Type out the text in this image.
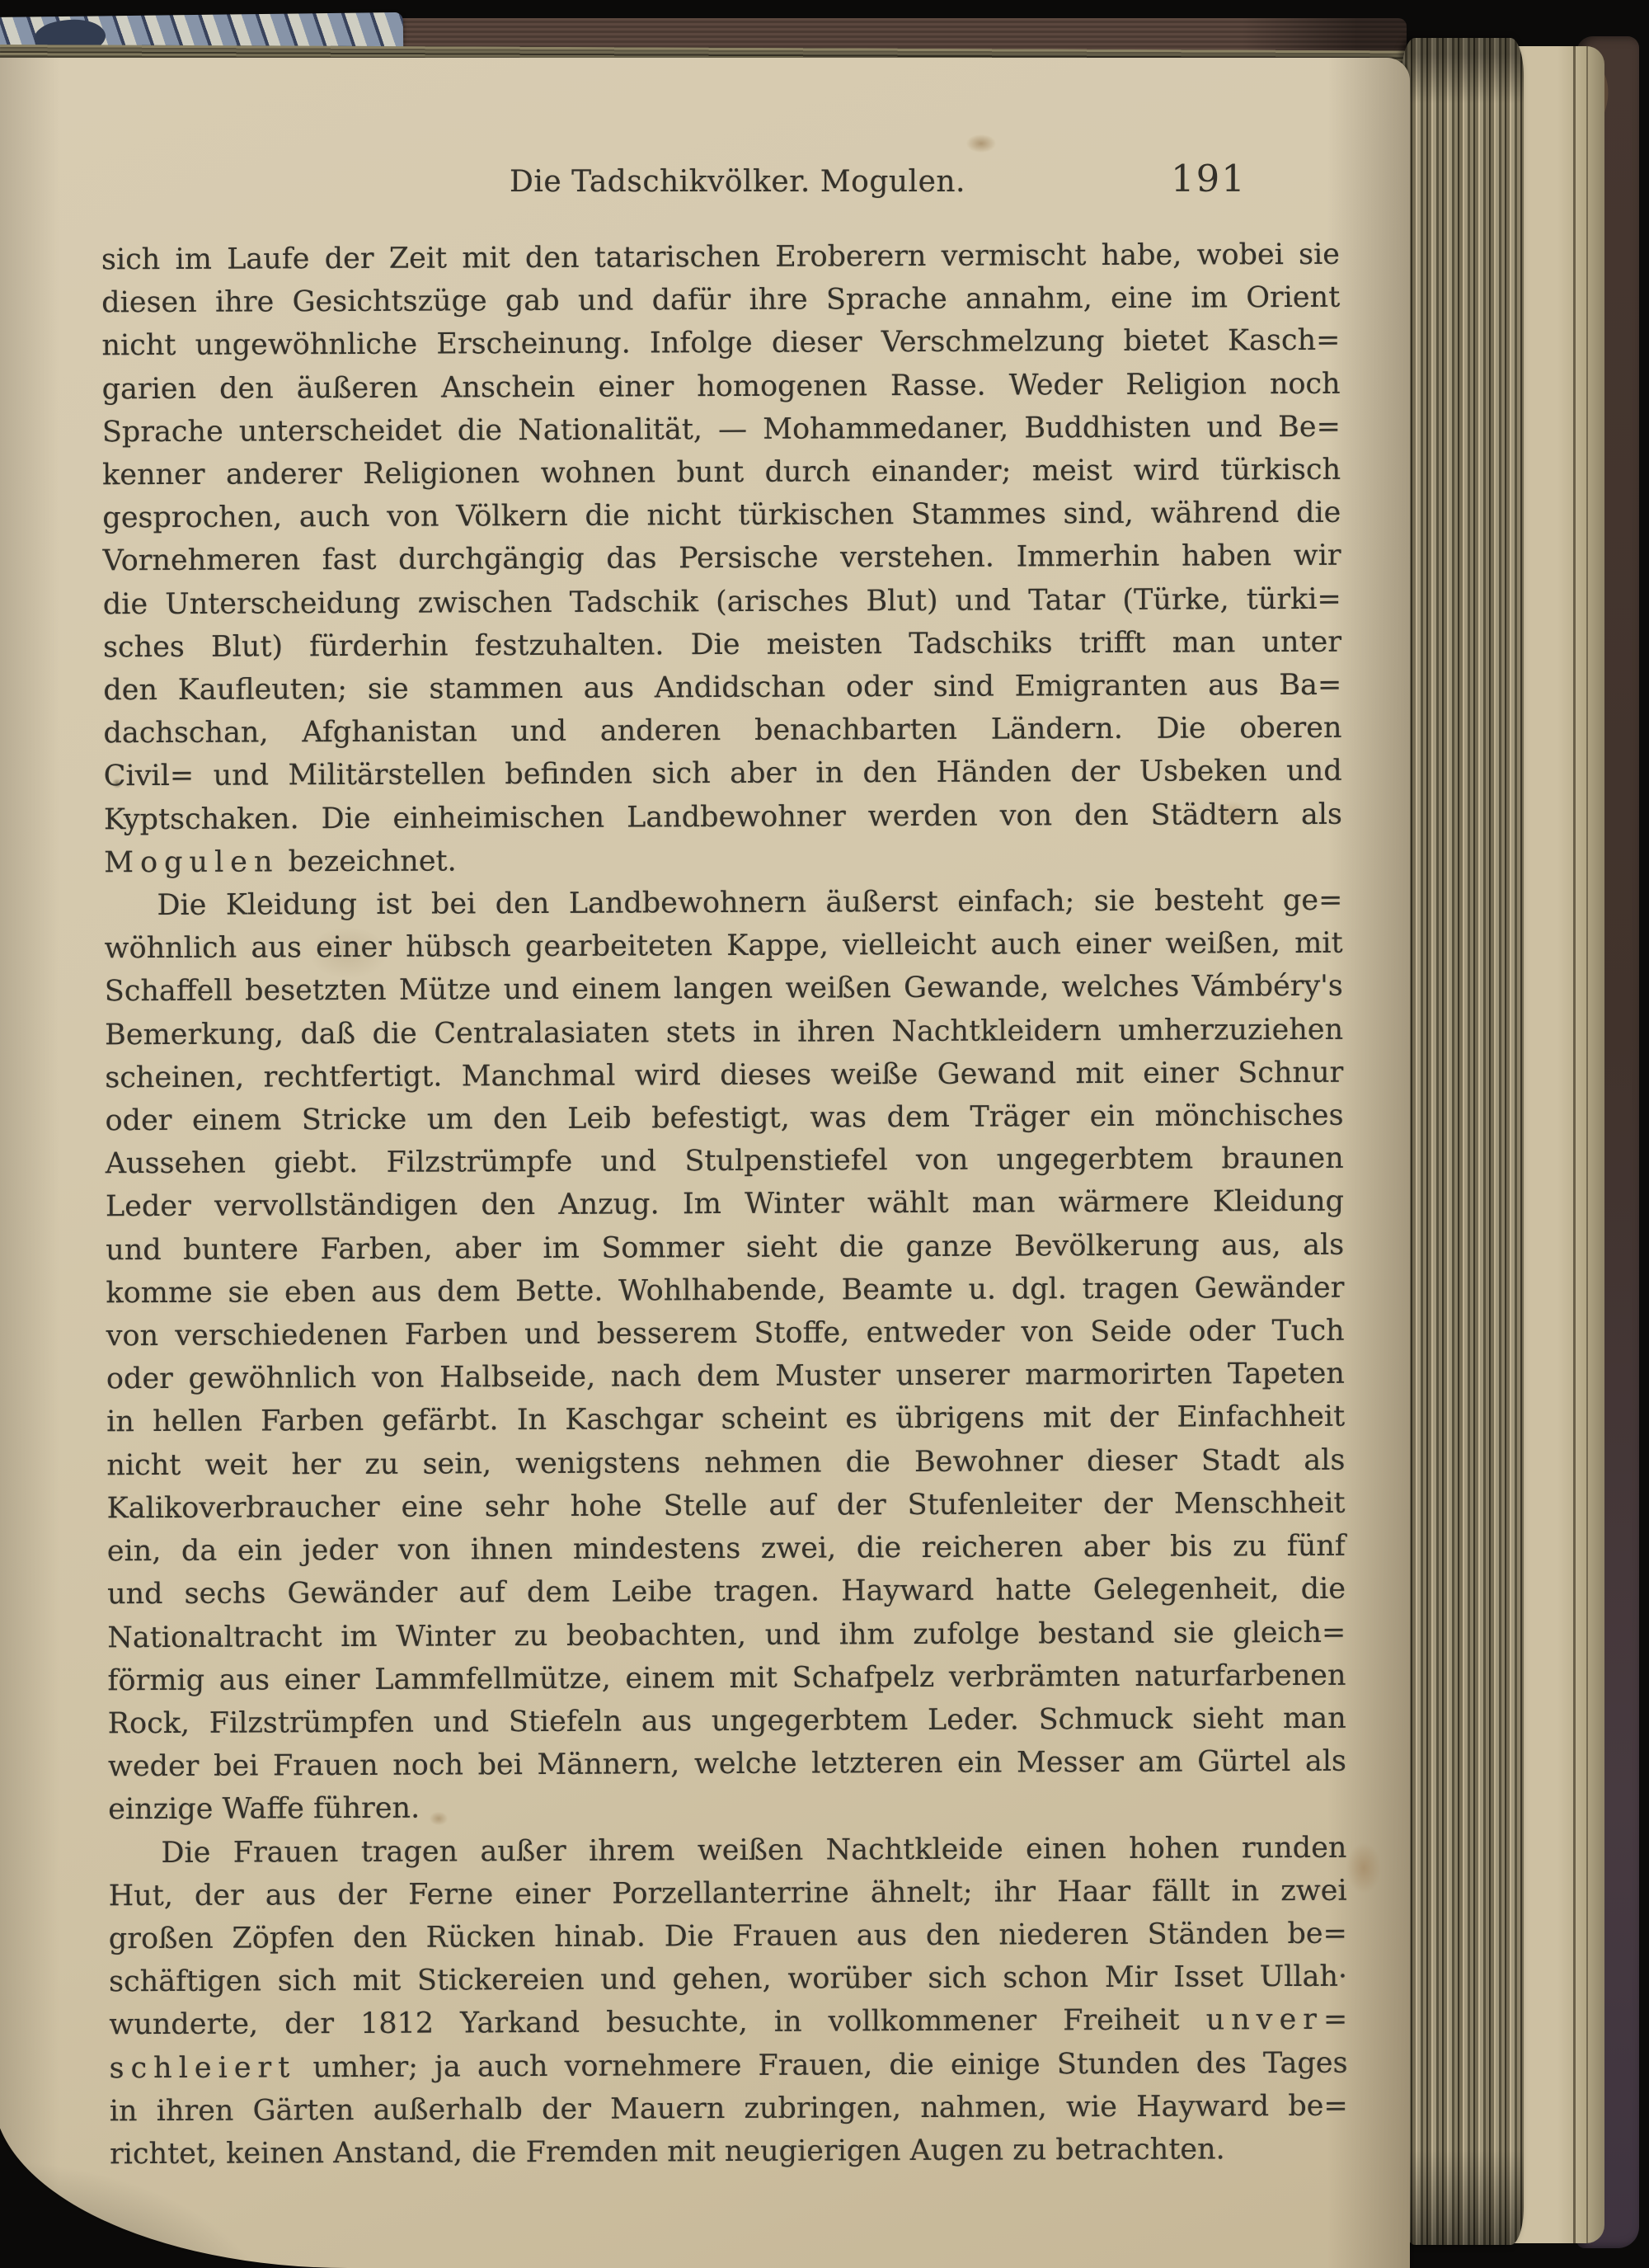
Die Tadschikvölker. Mogulen.	191
sich im Laufe der Zeit mit den tatarischen Eroberern vermischt habe, wobei sie
diesen ihre Gesichtszüge gab und dafür ihre Sprache annahm, eine im Orient
nicht ungewöhnliche Erscheinung. Infolge dieser Verschmelzung bietet Kasch=
garien den äußeren Anschein einer homogenen Rasse. Weder Religion noch
Sprache unterscheidet die Nationalität, — Mohammedaner, Buddhisten und Be=
kenner anderer Religionen wohnen bunt durch einander; meist wird türkisch
gesprochen, auch von Völkern die nicht türkischen Stammes sind, während die
Vornehmeren fast durchgängig das Persische verstehen. Immerhin haben wir
die Unterscheidung zwischen Tadschik (arisches Blut) und Tatar (Türke, türki=
sches Blut) fürderhin festzuhalten. Die meisten Tadschiks trifft man unter
den Kaufleuten; sie stammen aus Andidschan oder sind Emigranten aus Ba=
dachschan, Afghanistan und anderen benachbarten Ländern. Die oberen
Civil= und Militärstellen befinden sich aber in den Händen der Usbeken und
Kyptschaken. Die einheimischen Landbewohner werden von den Städtern als
Mogulen bezeichnet.
Die Kleidung ist bei den Landbewohnern äußerst einfach; sie besteht ge=
wöhnlich aus einer hübsch gearbeiteten Kappe, vielleicht auch einer weißen, mit
Schaffell besetzten Mütze und einem langen weißen Gewande, welches Vámbéry's
Bemerkung, daß die Centralasiaten stets in ihren Nachtkleidern umherzuziehen
scheinen, rechtfertigt. Manchmal wird dieses weiße Gewand mit einer Schnur
oder einem Stricke um den Leib befestigt, was dem Träger ein mönchisches
Aussehen giebt. Filzstrümpfe und Stulpenstiefel von ungegerbtem braunen
Leder vervollständigen den Anzug. Im Winter wählt man wärmere Kleidung
und buntere Farben, aber im Sommer sieht die ganze Bevölkerung aus, als
komme sie eben aus dem Bette. Wohlhabende, Beamte u. dgl. tragen Gewänder
von verschiedenen Farben und besserem Stoffe, entweder von Seide oder Tuch
oder gewöhnlich von Halbseide, nach dem Muster unserer marmorirten Tapeten
in hellen Farben gefärbt. In Kaschgar scheint es übrigens mit der Einfachheit
nicht weit her zu sein, wenigstens nehmen die Bewohner dieser Stadt als
Kalikoverbraucher eine sehr hohe Stelle auf der Stufenleiter der Menschheit
ein, da ein jeder von ihnen mindestens zwei, die reicheren aber bis zu fünf
und sechs Gewänder auf dem Leibe tragen. Hayward hatte Gelegenheit, die
Nationaltracht im Winter zu beobachten, und ihm zufolge bestand sie gleich=
förmig aus einer Lammfellmütze, einem mit Schafpelz verbrämten naturfarbenen
Rock, Filzstrümpfen und Stiefeln aus ungegerbtem Leder. Schmuck sieht man
weder bei Frauen noch bei Männern, welche letzteren ein Messer am Gürtel als
einzige Waffe führen.
Die Frauen tragen außer ihrem weißen Nachtkleide einen hohen runden
Hut, der aus der Ferne einer Porzellanterrine ähnelt; ihr Haar fällt in zwei
großen Zöpfen den Rücken hinab. Die Frauen aus den niederen Ständen be=
schäftigen sich mit Stickereien und gehen, worüber sich schon Mir Isset Ullah·
wunderte, der 1812 Yarkand besuchte, in vollkommener Freiheit unver=
schleiert umher; ja auch vornehmere Frauen, die einige Stunden des Tages
in ihren Gärten außerhalb der Mauern zubringen, nahmen, wie Hayward be=
richtet, keinen Anstand, die Fremden mit neugierigen Augen zu betrachten.
